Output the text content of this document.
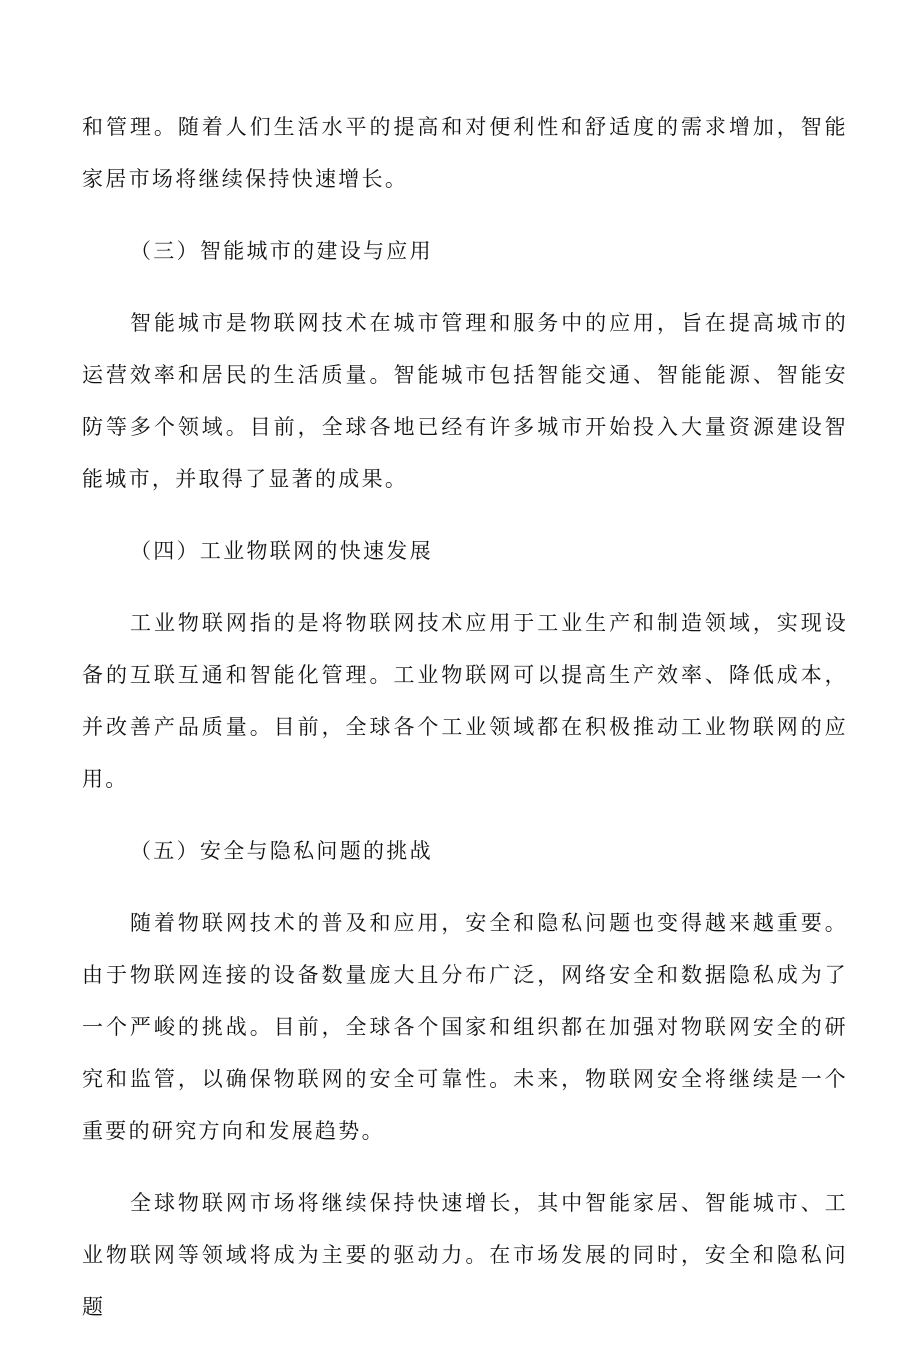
和管理。随着人们生活水平的提高和对便利性和舒适度的需求增加，智能家居市场将继续保持快速增长。

（三）智能城市的建设与应用

智能城市是物联网技术在城市管理和服务中的应用，旨在提高城市的运营效率和居民的生活质量。智能城市包括智能交通、智能能源、智能安防等多个领域。目前，全球各地已经有许多城市开始投入大量资源建设智能城市，并取得了显著的成果。

（四）工业物联网的快速发展

工业物联网指的是将物联网技术应用于工业生产和制造领域，实现设备的互联互通和智能化管理。工业物联网可以提高生产效率、降低成本，并改善产品质量。目前，全球各个工业领域都在积极推动工业物联网的应用。

（五）安全与隐私问题的挑战

随着物联网技术的普及和应用，安全和隐私问题也变得越来越重要。由于物联网连接的设备数量庞大且分布广泛，网络安全和数据隐私成为了一个严峻的挑战。目前，全球各个国家和组织都在加强对物联网安全的研究和监管，以确保物联网的安全可靠性。未来，物联网安全将继续是一个重要的研究方向和发展趋势。

全球物联网市场将继续保持快速增长，其中智能家居、智能城市、工业物联网等领域将成为主要的驱动力。在市场发展的同时，安全和隐私问题
